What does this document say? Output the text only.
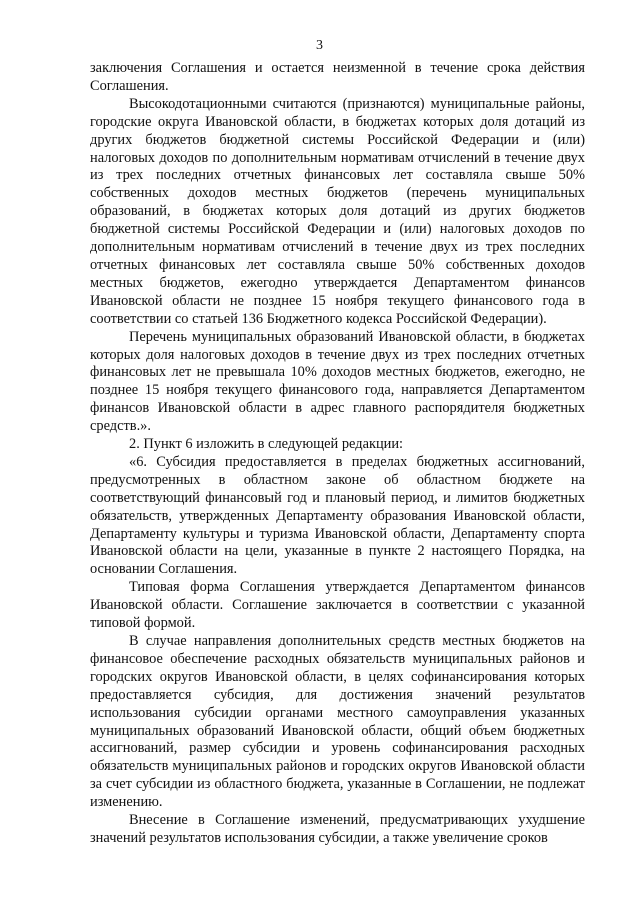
3

заключения Соглашения и остается неизменной в течение срока действия Соглашения.

Высокодотационными считаются (признаются) муниципальные районы, городские округа Ивановской области, в бюджетах которых доля дотаций из других бюджетов бюджетной системы Российской Федерации и (или) налоговых доходов по дополнительным нормативам отчислений в течение двух из трех последних отчетных финансовых лет составляла свыше 50% собственных доходов местных бюджетов (перечень муниципальных образований, в бюджетах которых доля дотаций из других бюджетов бюджетной системы Российской Федерации и (или) налоговых доходов по дополнительным нормативам отчислений в течение двух из трех последних отчетных финансовых лет составляла свыше 50% собственных доходов местных бюджетов, ежегодно утверждается Департаментом финансов Ивановской области не позднее 15 ноября текущего финансового года в соответствии со статьей 136 Бюджетного кодекса Российской Федерации).

Перечень муниципальных образований Ивановской области, в бюджетах которых доля налоговых доходов в течение двух из трех последних отчетных финансовых лет не превышала 10% доходов местных бюджетов, ежегодно, не позднее 15 ноября текущего финансового года, направляется Департаментом финансов Ивановской области в адрес главного распорядителя бюджетных средств.».

2. Пункт 6 изложить в следующей редакции:

«6. Субсидия предоставляется в пределах бюджетных ассигнований, предусмотренных в областном законе об областном бюджете на соответствующий финансовый год и плановый период, и лимитов бюджетных обязательств, утвержденных Департаменту образования Ивановской области, Департаменту культуры и туризма Ивановской области, Департаменту спорта Ивановской области на цели, указанные в пункте 2 настоящего Порядка, на основании Соглашения.

Типовая форма Соглашения утверждается Департаментом финансов Ивановской области. Соглашение заключается в соответствии с указанной типовой формой.

В случае направления дополнительных средств местных бюджетов на финансовое обеспечение расходных обязательств муниципальных районов и городских округов Ивановской области, в целях софинансирования которых предоставляется субсидия, для достижения значений результатов использования субсидии органами местного самоуправления указанных муниципальных образований Ивановской области, общий объем бюджетных ассигнований, размер субсидии и уровень софинансирования расходных обязательств муниципальных районов и городских округов Ивановской области за счет субсидии из областного бюджета, указанные в Соглашении, не подлежат изменению.

Внесение в Соглашение изменений, предусматривающих ухудшение значений результатов использования субсидии, а также увеличение сроков
